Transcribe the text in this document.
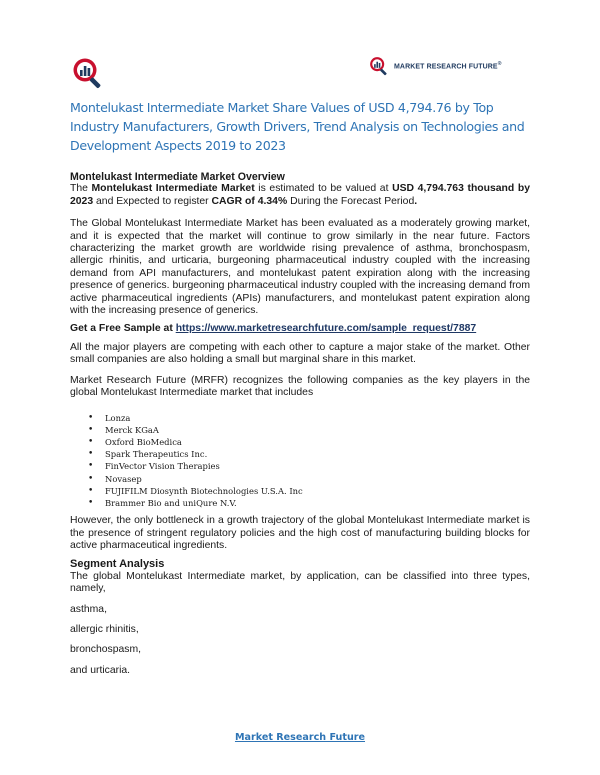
MARKET RESEARCH FUTURE®
Montelukast Intermediate Market Share Values of USD 4,794.76 by Top Industry Manufacturers, Growth Drivers, Trend Analysis on Technologies and Development Aspects 2019 to 2023

Montelukast Intermediate Market Overview

The Montelukast Intermediate Market is estimated to be valued at USD 4,794.763 thousand by 2023 and Expected to register CAGR of 4.34% During the Forecast Period.

The Global Montelukast Intermediate Market has been evaluated as a moderately growing market, and it is expected that the market will continue to grow similarly in the near future. Factors characterizing the market growth are worldwide rising prevalence of asthma, bronchospasm, allergic rhinitis, and urticaria, burgeoning pharmaceutical industry coupled with the increasing demand from API manufacturers, and montelukast patent expiration along with the increasing presence of generics. burgeoning pharmaceutical industry coupled with the increasing demand from active pharmaceutical ingredients (APIs) manufacturers, and montelukast patent expiration along with the increasing presence of generics.

Get a Free Sample at https://www.marketresearchfuture.com/sample_request/7887

All the major players are competing with each other to capture a major stake of the market. Other small companies are also holding a small but marginal share in this market.

Market Research Future (MRFR) recognizes the following companies as the key players in the global Montelukast Intermediate market that includes

• Lonza
• Merck KGaA
• Oxford BioMedica
• Spark Therapeutics Inc.
• FinVector Vision Therapies
• Novasep
• FUJIFILM Diosynth Biotechnologies U.S.A. Inc
• Brammer Bio and uniQure N.V.

However, the only bottleneck in a growth trajectory of the global Montelukast Intermediate market is the presence of stringent regulatory policies and the high cost of manufacturing building blocks for active pharmaceutical ingredients.

Segment Analysis

The global Montelukast Intermediate market, by application, can be classified into three types, namely,

asthma,

allergic rhinitis,

bronchospasm,

and urticaria.

Market Research Future
